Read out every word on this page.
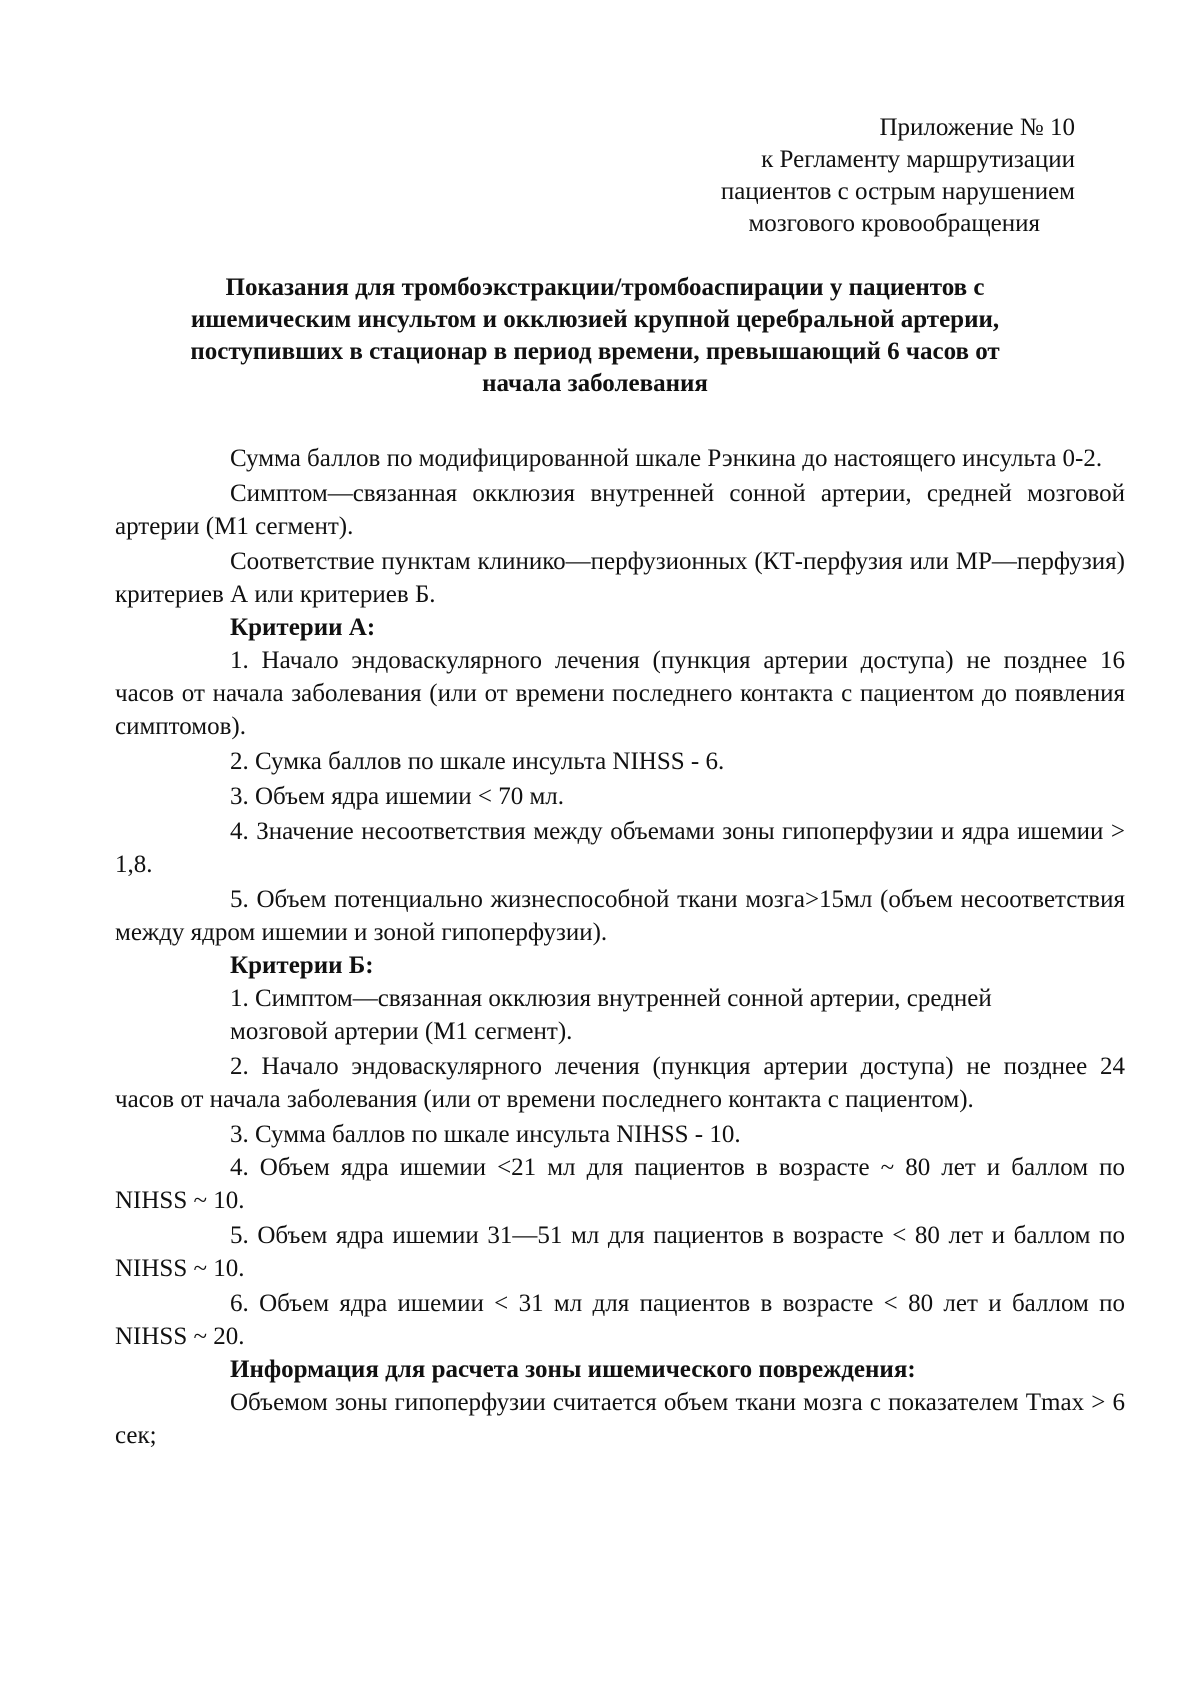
Приложение № 10
к Регламенту маршрутизации
пациентов с острым нарушением
мозгового кровообращения
Показания для тромбоэкстракции/тромбоаспирации у пациентов с
ишемическим инсультом и окклюзией крупной церебральной артерии,
поступивших в стационар в период времени, превышающий 6 часов от
начала заболевания

Сумма баллов по модифицированной шкале Рэнкина до настоящего инсульта 0-2.

Симптом—связанная окклюзия внутренней сонной артерии, средней мозговой артерии (М1 сегмент).

Соответствие пунктам клинико—перфузионных (КТ-перфузия или МР—перфузия) критериев А или критериев Б.

Критерии А:

1. Начало эндоваскулярного лечения (пункция артерии доступа) не позднее 16 часов от начала заболевания (или от времени последнего контакта с пациентом до появления симптомов).

2. Сумка баллов по шкале инсульта NIHSS - 6.

3. Объем ядра ишемии < 70 мл.

4. Значение несоответствия между объемами зоны гипоперфузии и ядра ишемии > 1,8.

5. Объем потенциально жизнеспособной ткани мозга>15мл (объем несоответствия между ядром ишемии и зоной гипоперфузии).

Критерии Б:

1. Симптом—связанная окклюзия внутренней сонной артерии, средней

мозговой артерии (М1 сегмент).

2. Начало эндоваскулярного лечения (пункция артерии доступа) не позднее 24 часов от начала заболевания (или от времени последнего контакта с пациентом).

3. Сумма баллов по шкале инсульта NIHSS - 10.

4. Объем ядра ишемии <21 мл для пациентов в возрасте ~ 80 лет и баллом по NIHSS ~ 10.

5. Объем ядра ишемии 31—51 мл для пациентов в возрасте < 80 лет и баллом по NIHSS ~ 10.

6. Объем ядра ишемии < 31 мл для пациентов в возрасте < 80 лет и баллом по NIHSS ~ 20.

Информация для расчета зоны ишемического повреждения:

Объемом зоны гипоперфузии считается объем ткани мозга с показателем Tmax > 6 сек;
